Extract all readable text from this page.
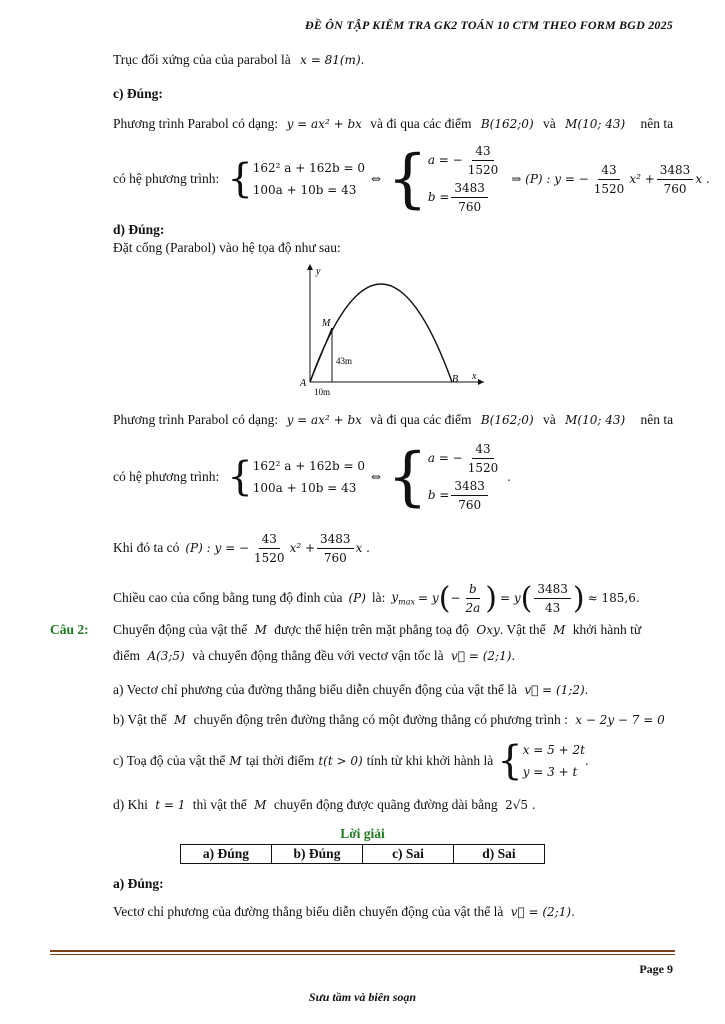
ĐỀ ÔN TẬP KIỂM TRA GK2 TOÁN 10 CTM THEO FORM BGD 2025
Trục đối xứng của của parabol là x = 81(m).
c) Đúng:
Phương trình Parabol có dạng: y = ax² + bx và đi qua các điểm B(162;0) và M(10; 43) nên ta
có hệ phương trình: { 162² a + 162b = 0
100a + 10b = 43
⇔ { a = − $\frac{43}{1520}$
$b = \frac{3483}{760}$ ⇒ (P) : y = − $\frac{43}{1520} x^2 + \frac{3483}{760}$ x .
d) Đúng:
Đặt cổng (Parabol) vào hệ tọa độ như sau:
y
x
M
A	B
43m
10m
Phương trình Parabol có dạng: y = ax² + bx và đi qua các điểm B(162;0) và M(10; 43) nên ta
có hệ phương trình: { 162² a + 162b = 0
100a + 10b = 43
⇔ { a = − $\frac{43}{1520}$
$b = \frac{3483}{760}$ .
Khi đó ta có (P) : y = − $\frac{43}{1520} x^2 + \frac{3483}{760}$ x .
Chiều cao của cổng bằng tung độ đỉnh của (P) là: $y_{max} = y$ ( − $\frac{b}{2a}$ ) = y ( $\frac{3483}{43}$ ) ≈ 185,6.
Câu 2: Chuyển động của vật thể M được thể hiện trên mặt phẳng toạ độ Oxy. Vật thể M khởi hành từ
điểm A(3;5) và chuyển động thẳng đều với vectơ vận tốc là v⃗ = (2;1).
a) Vectơ chỉ phương của đường thẳng biểu diễn chuyển động của vật thể là v⃗ = (1;2).
b) Vật thể M chuyển động trên đường thẳng có một đường thẳng có phương trình : x − 2y − 7 = 0
c) Toạ độ của vật thể M tại thời điểm t(t > 0) tính từ khi khởi hành là { x = 5 + 2t
y = 3 + t
.
d) Khi t = 1 thì vật thể M chuyển động được quãng đường dài bằng 2√5 .
Lời giải
a) Đúng	b) Đúng	c) Sai	d) Sai
a) Đúng:
Vectơ chỉ phương của đường thẳng biểu diễn chuyển động của vật thể là v⃗ = (2;1).
Page 9
Sưu tầm và biên soạn
